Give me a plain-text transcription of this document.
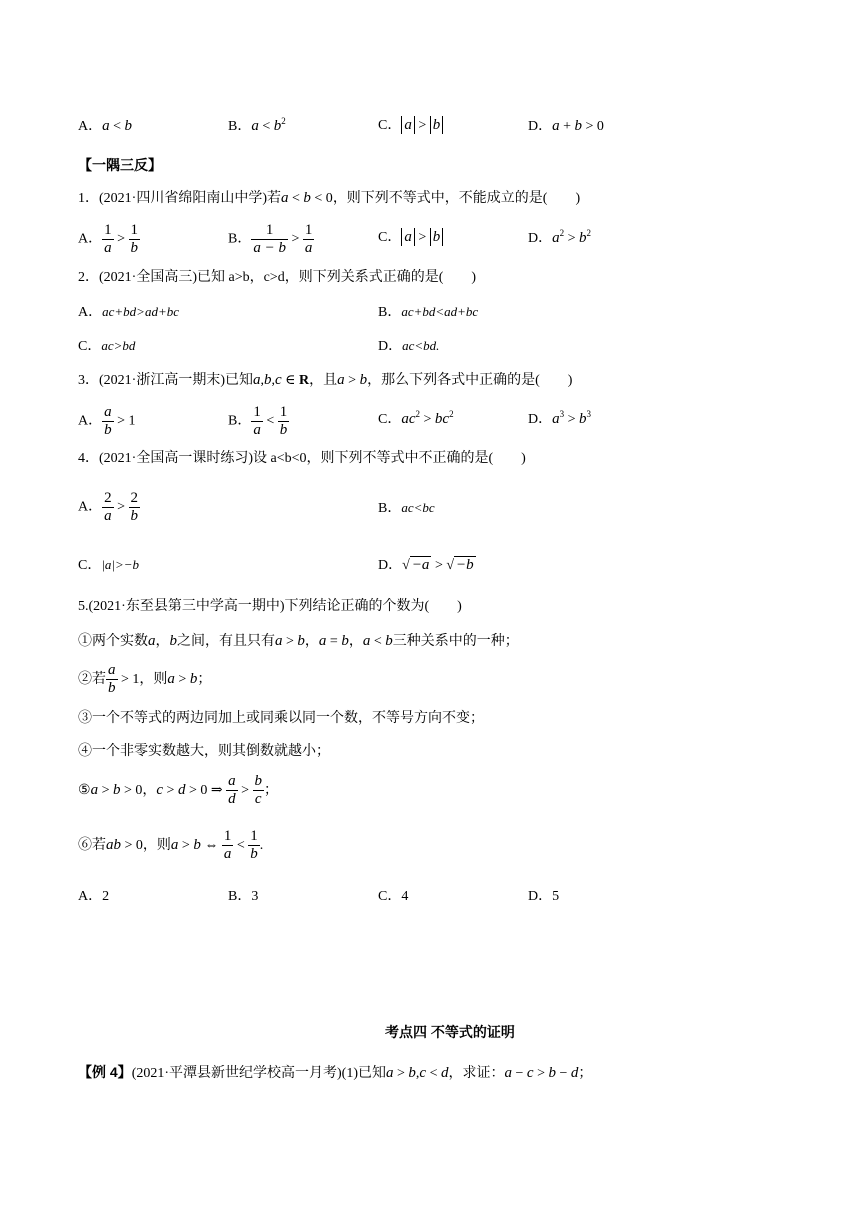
A．a < b	B．$a < b^2$	C． a > b	D．a + b > 0
【一隅三反】
1．(2021·四川省绵阳南山中学)若a < b < 0，则下列不等式中，不能成立的是(　　)
A． $\frac{1}{a} > \frac{1}{b}$	B． $\frac{1}{a - b} > \frac{1}{a}$	C． a > b	D．$a^2 > b^2$
2．(2021·全国高三)已知 a>b，c>d，则下列关系式正确的是(　　)
A．ac+bd>ad+bc	B．ac+bd<ad+bc
C．ac>bd	D．ac<bd.
3．(2021·浙江高一期末)已知a,b,c ∈ R，且a > b，那么下列各式中正确的是(　　)
A． $\frac{a}{b} > 1$	B． $\frac{1}{a} < \frac{1}{b}$	C．$ac^2 > bc^2$	D．$a^3 > b^3$
4．(2021·全国高一课时练习)设 a<b<0，则下列不等式中不正确的是(　　)
A． $\frac{2}{a} > \frac{2}{b}$	B．ac<bc
C．|a|>−b	D．√ −a > √ −b
5.(2021·东至县第三中学高一期中)下列结论正确的个数为(　　)
①两个实数a，b之间，有且只有a > b，a = b，a < b三种关系中的一种；
②若 $\frac{a}{b} > 1$，则a > b；
③一个不等式的两边同加上或同乘以同一个数，不等号方向不变；
④一个非零实数越大，则其倒数就越小；
⑤a > b > 0，c > d > 0 ⇒ $\frac{a}{d} > \frac{b}{c}$ ；
⑥若ab > 0，则a > b ⇔ $\frac{1}{a} < \frac{1}{b}$ .
A．2	B．3	C．4	D．5
考点四 不等式的证明
【例 4】(2021·平潭县新世纪学校高一月考)(1)已知a > b,c < d，求证：a − c > b − d；
